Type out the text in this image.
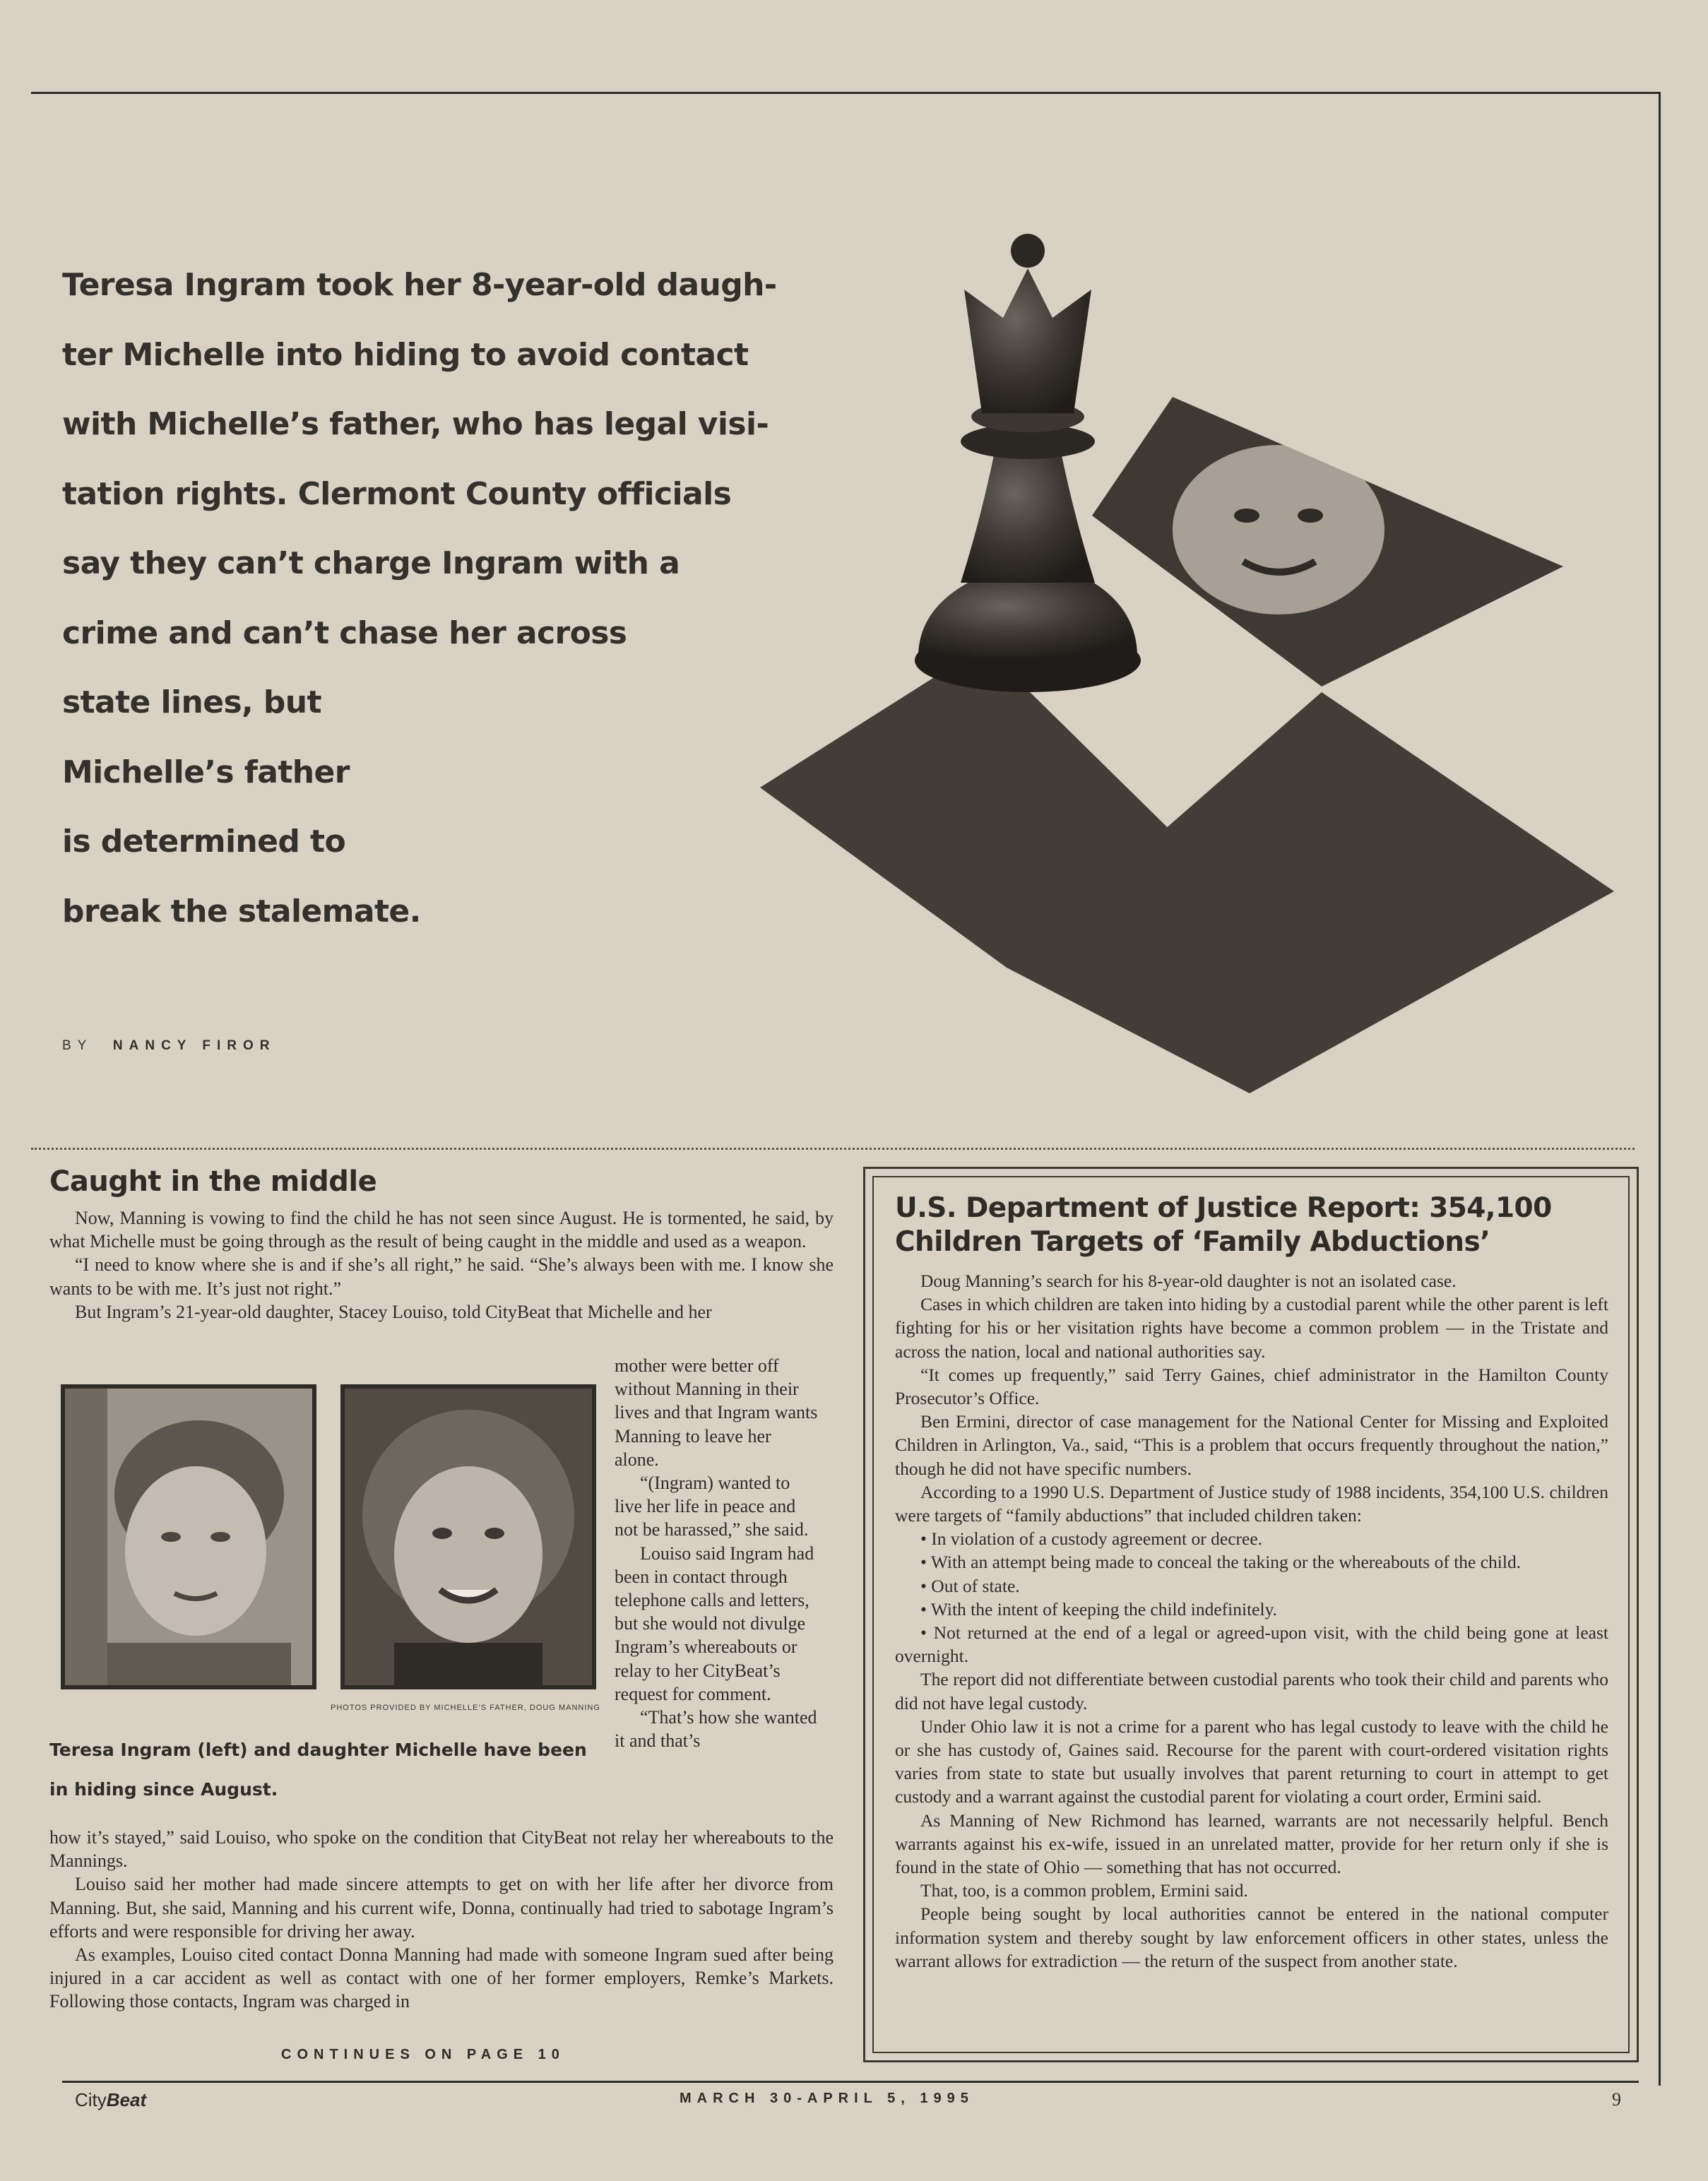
Teresa Ingram took her 8-year-old daugh-
ter Michelle into hiding to avoid contact
with Michelle’s father, who has legal visi-
tation rights. Clermont County officials
say they can’t charge Ingram with a
crime and can’t chase her across
state lines, but
Michelle’s father
is determined to
break the stalemate.
BY NANCY FIROR
Caught in the middle

Now, Manning is vowing to find the child he has not seen since August. He is tormented, he said, by what Michelle must be going through as the result of being caught in the middle and used as a weapon.

“I need to know where she is and if she’s all right,” he said. “She’s always been with me. I know she wants to be with me. It’s just not right.”

But Ingram’s 21-year-old daughter, Stacey Louiso, told CityBeat that Michelle and her

PHOTOS PROVIDED BY MICHELLE’S FATHER, DOUG MANNING
Teresa Ingram (left) and daughter Michelle have been in hiding since August.

mother were better off without Manning in their lives and that Ingram wants Manning to leave her alone.

“(Ingram) wanted to live her life in peace and not be harassed,” she said.

Louiso said Ingram had been in contact through telephone calls and letters, but she would not divulge Ingram’s whereabouts or relay to her CityBeat’s request for comment.

“That’s how she wanted it and that’s

how it’s stayed,” said Louiso, who spoke on the condition that CityBeat not relay her whereabouts to the Mannings.

Louiso said her mother had made sincere attempts to get on with her life after her divorce from Manning. But, she said, Manning and his current wife, Donna, continually had tried to sabotage Ingram’s efforts and were responsible for driving her away.

As examples, Louiso cited contact Donna Manning had made with someone Ingram sued after being injured in a car accident as well as contact with one of her former employers, Remke’s Markets. Following those contacts, Ingram was charged in

CONTINUES ON PAGE 10
U.S. Department of Justice Report: 354,100 Children Targets of ‘Family Abductions’

Doug Manning’s search for his 8-year-old daughter is not an isolated case.

Cases in which children are taken into hiding by a custodial parent while the other parent is left fighting for his or her visitation rights have become a common problem — in the Tristate and across the nation, local and national authorities say.

“It comes up frequently,” said Terry Gaines, chief administrator in the Hamilton County Prosecutor’s Office.

Ben Ermini, director of case management for the National Center for Missing and Exploited Children in Arlington, Va., said, “This is a problem that occurs frequently throughout the nation,” though he did not have specific numbers.

According to a 1990 U.S. Department of Justice study of 1988 incidents, 354,100 U.S. children were targets of “family abductions” that included children taken:

• In violation of a custody agreement or decree.

• With an attempt being made to conceal the taking or the whereabouts of the child.

• Out of state.

• With the intent of keeping the child indefinitely.

• Not returned at the end of a legal or agreed-upon visit, with the child being gone at least overnight.

The report did not differentiate between custodial parents who took their child and parents who did not have legal custody.

Under Ohio law it is not a crime for a parent who has legal custody to leave with the child he or she has custody of, Gaines said. Recourse for the parent with court-ordered visitation rights varies from state to state but usually involves that parent returning to court in attempt to get custody and a warrant against the custodial parent for violating a court order, Ermini said.

As Manning of New Richmond has learned, warrants are not necessarily helpful. Bench warrants against his ex-wife, issued in an unrelated matter, provide for her return only if she is found in the state of Ohio — something that has not occurred.

That, too, is a common problem, Ermini said.

People being sought by local authorities cannot be entered in the national computer information system and thereby sought by law enforcement officers in other states, unless the warrant allows for extradiction — the return of the suspect from another state.

CityBeat	MARCH 30-APRIL 5, 1995	9
